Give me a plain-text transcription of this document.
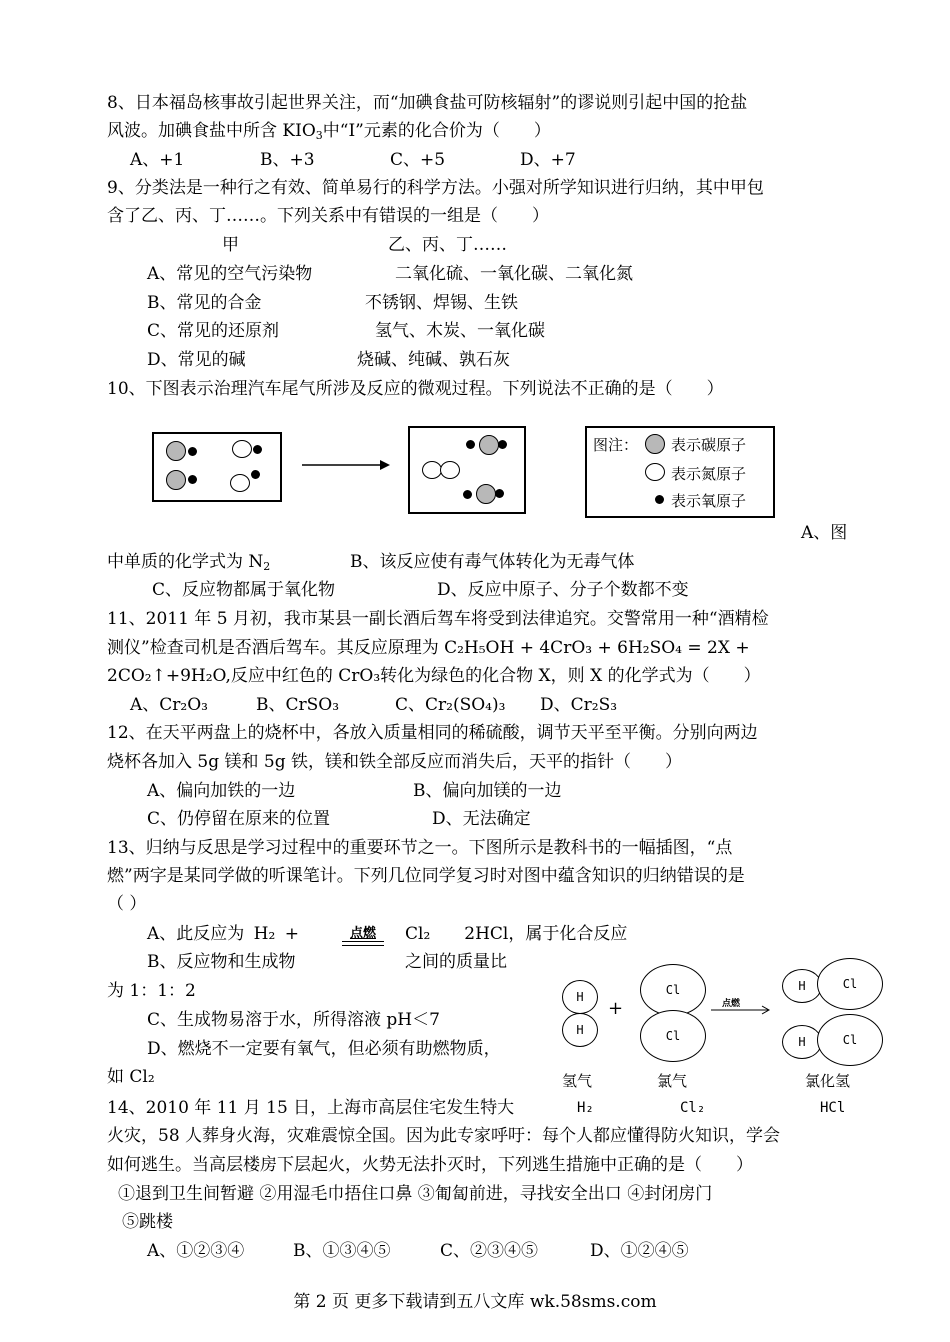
8、日本福岛核事故引起世界关注，而“加碘食盐可防核辐射”的谬说则引起中国的抢盐
风波。加碘食盐中所含 $KIO_3$中“I”元素的化合价为（　　）
A、+1	B、+3	C、+5	D、+7
9、分类法是一种行之有效、简单易行的科学方法。小强对所学知识进行归纳，其中甲包
含了乙、丙、丁……。下列关系中有错误的一组是（　　）
甲	乙、丙、丁……
A、常见的空气污染物	二氧化硫、一氧化碳、二氧化氮
B、常见的合金	不锈钢、焊锡、生铁
C、常见的还原剂	氢气、木炭、一氧化碳
D、常见的碱	烧碱、纯碱、孰石灰
10、下图表示治理汽车尾气所涉及反应的微观过程。下列说法不正确的是（　　）
图注： 表示碳原子
表示氮原子
表示氧原子
A、图
中单质的化学式为 $N_2$	B、该反应使有毒气体转化为无毒气体
C、反应物都属于氧化物	D、反应中原子、分子个数都不变
11、2011 年 5 月初，我市某县一副长酒后驾车将受到法律追究。交警常用一种“酒精检
测仪”检查司机是否酒后驾车。其反应原理为 C₂H₅OH + 4CrO₃ + 6H₂SO₄ = 2X +
2CO₂↑+9H₂O,反应中红色的 CrO₃转化为绿色的化合物 X，则 X 的化学式为（　　）
A、Cr₂O₃	B、CrSO₃	C、Cr₂(SO₄)₃ D、Cr₂S₃
12、在天平两盘上的烧杯中，各放入质量相同的稀硫酸，调节天平至平衡。分别向两边
烧杯各加入 5g 镁和 5g 铁，镁和铁全部反应而消失后，天平的指针（　　）
A、偏向加铁的一边	B、偏向加镁的一边
C、仍停留在原来的位置	D、无法确定
13、归纳与反思是学习过程中的重要环节之一。下图所示是教科书的一幅插图，“点
燃”两字是某同学做的听课笔计。下列几位同学复习时对图中蕴含知识的归纳错误的是
（ ）
A、此反应为 H₂ +	点燃	Cl₂　　2HCl，属于化合反应
B、反应物和生成物	之间的质量比
为 1：1：2
C、生成物易溶于水，所得溶液 pH＜7
D、燃烧不一定要有氧气，但必须有助燃物质，
如 Cl₂
H
H
+
Cl
Cl
点燃
H	Cl
H	Cl
氢气	氯气	氯化氢
H₂	Cl₂	HCl
14、2010 年 11 月 15 日，上海市高层住宅发生特大
火灾，58 人葬身火海，灾难震惊全国。因为此专家呼吁：每个人都应懂得防火知识，学会
如何逃生。当高层楼房下层起火，火势无法扑灭时，下列逃生措施中正确的是（　　）
①退到卫生间暂避 ②用湿毛巾捂住口鼻 ③匍匐前进，寻找安全出口 ④封闭房门
⑤跳楼
A、①②③④	B、①③④⑤	C、②③④⑤	D、①②④⑤
第 2 页 更多下载请到五八文库 wk.58sms.com
